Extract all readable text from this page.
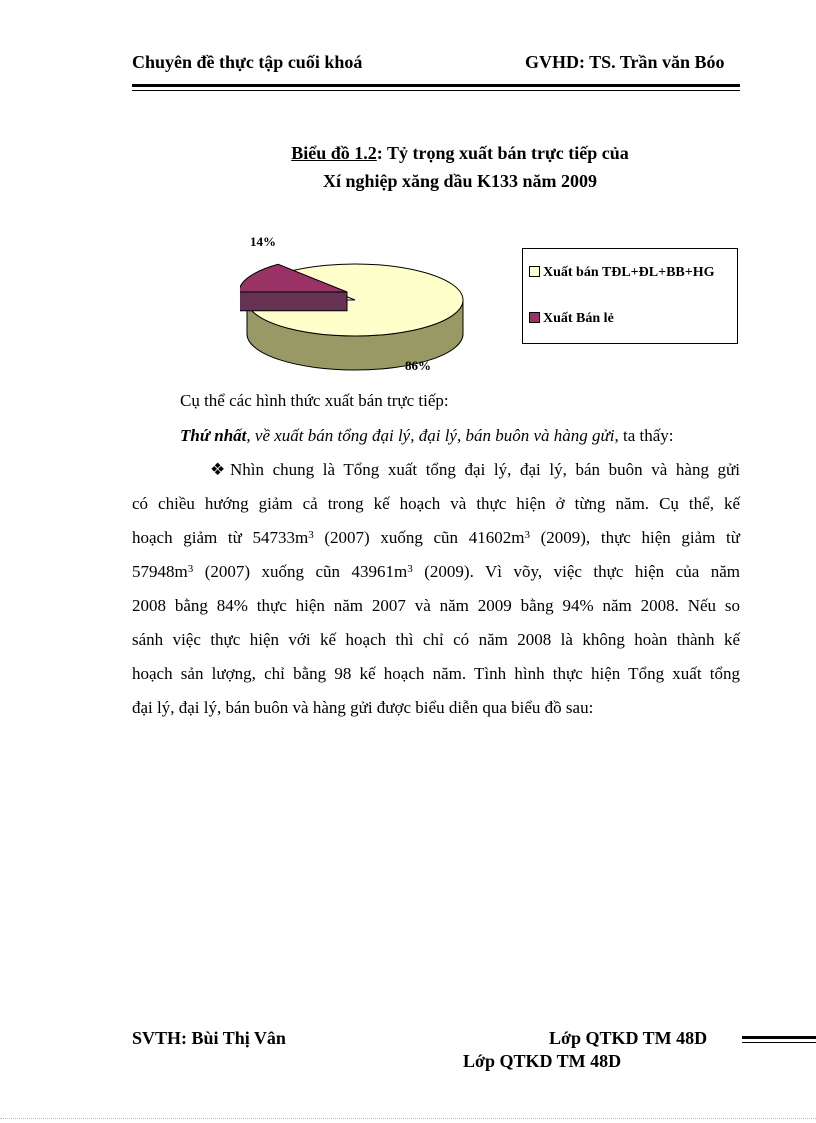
Chuyên đề thực tập cuối khoá	GVHD: TS. Trần văn Bóo
Biểu đồ 1.2: Tỷ trọng xuất bán trực tiếp của
Xí nghiệp xăng dầu K133 năm 2009
14%
86%
Xuất bán TĐL+ĐL+BB+HG
Xuất Bán lẻ
Cụ thể các hình thức xuất bán trực tiếp:
Thứ nhất, về xuất bán tổng đại lý, đại lý, bán buôn và hàng gửi, ta thấy:
❖ Nhìn chung là Tổng xuất tổng đại lý, đại lý, bán buôn và hàng gửi
có chiều hướng giảm cả trong kế hoạch và thực hiện ở từng năm. Cụ thể, kế
hoạch giảm từ $54733m^3$ (2007) xuống cũn $41602m^3$ (2009), thực hiện giảm từ
$57948m^3$ (2007) xuống cũn $43961m^3$ (2009). Vì võy, việc thực hiện của năm
2008 bằng 84% thực hiện năm 2007 và năm 2009 bằng 94% năm 2008. Nếu so
sánh việc thực hiện với kế hoạch thì chỉ có năm 2008 là không hoàn thành kế
hoạch sản lượng, chỉ bằng 98 kế hoạch năm. Tình hình thực hiện Tổng xuất tổng
đại lý, đại lý, bán buôn và hàng gửi được biểu diễn qua biểu đồ sau:
SVTH: Bùi Thị Vân	Lớp QTKD TM 48D
Lớp QTKD TM 48D
